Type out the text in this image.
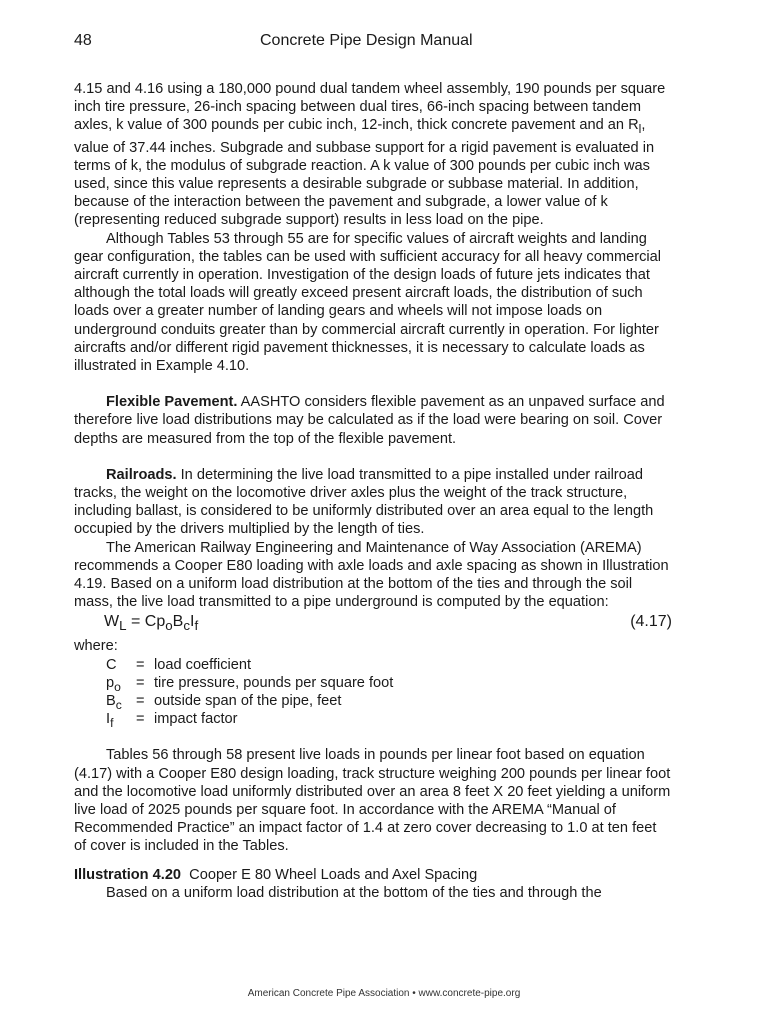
48	Concrete Pipe Design Manual

4.15 and 4.16 using a 180,000 pound dual tandem wheel assembly, 190 pounds per square inch tire pressure, 26-inch spacing between dual tires, 66-inch spacing between tandem axles, k value of 300 pounds per cubic inch, 12-inch, thick concrete pavement and an $R_l$, value of 37.44 inches. Subgrade and subbase support for a rigid pavement is evaluated in terms of k, the modulus of subgrade reaction. A k value of 300 pounds per cubic inch was used, since this value represents a desirable subgrade or subbase material. In addition, because of the interaction between the pavement and subgrade, a lower value of k (representing reduced subgrade support) results in less load on the pipe.

Although Tables 53 through 55 are for specific values of aircraft weights and landing gear configuration, the tables can be used with sufficient accuracy for all heavy commercial aircraft currently in operation. Investigation of the design loads of future jets indicates that although the total loads will greatly exceed present aircraft loads, the distribution of such loads over a greater number of landing gears and wheels will not impose loads on underground conduits greater than by commercial aircraft currently in operation. For lighter aircrafts and/or different rigid pavement thicknesses, it is necessary to calculate loads as illustrated in Example 4.10.

Flexible Pavement. AASHTO considers flexible pavement as an unpaved surface and therefore live load distributions may be calculated as if the load were bearing on soil. Cover depths are measured from the top of the flexible pavement.

Railroads. In determining the live load transmitted to a pipe installed under railroad tracks, the weight on the locomotive driver axles plus the weight of the track structure, including ballast, is considered to be uniformly distributed over an area equal to the length occupied by the drivers multiplied by the length of ties.

The American Railway Engineering and Maintenance of Way Association (AREMA) recommends a Cooper E80 loading with axle loads and axle spacing as shown in Illustration 4.19. Based on a uniform load distribution at the bottom of the ties and through the soil mass, the live load transmitted to a pipe underground is computed by the equation:

$W_L = Cp_oB_cI_f$	(4.17)

where:

C	= load coefficient
$p_o$	= tire pressure, pounds per square foot
$B_c$ = outside span of the pipe, feet
$I_f$	= impact factor

Tables 56 through 58 present live loads in pounds per linear foot based on equation (4.17) with a Cooper E80 design loading, track structure weighing 200 pounds per linear foot and the locomotive load uniformly distributed over an area 8 feet X 20 feet yielding a uniform live load of 2025 pounds per square foot. In accordance with the AREMA “Manual of Recommended Practice” an impact factor of 1.4 at zero cover decreasing to 1.0 at ten feet of cover is included in the Tables.

Illustration 4.20 Cooper E 80 Wheel Loads and Axel Spacing

Based on a uniform load distribution at the bottom of the ties and through the

American Concrete Pipe Association • www.concrete-pipe.org
